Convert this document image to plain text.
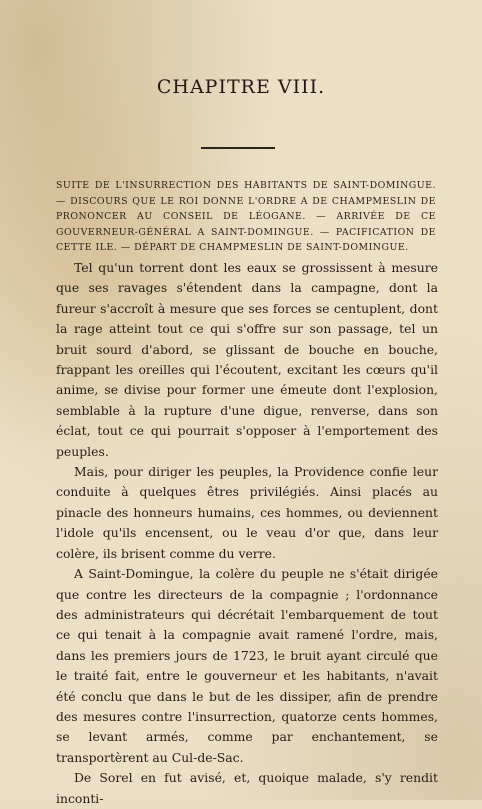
CHAPITRE VIII.
SUITE DE L'INSURRECTION DES HABITANTS DE SAINT-DOMINGUE. — DISCOURS QUE LE ROI DONNE L'ORDRE A DE CHAMPMESLIN DE PRONONCER AU CONSEIL DE LÉOGANE. — ARRIVÉE DE CE GOUVERNEUR-GÉNÉRAL A SAINT-DOMINGUE. — PACIFICATION DE CETTE ILE. — DÉPART DE CHAMPMESLIN DE SAINT-DOMINGUE.

Tel qu'un torrent dont les eaux se grossissent à mesure que ses ravages s'étendent dans la campagne, dont la fureur s'accroît à mesure que ses forces se centuplent, dont la rage atteint tout ce qui s'offre sur son passage, tel un bruit sourd d'abord, se glissant de bouche en bouche, frappant les oreilles qui l'écoutent, excitant les cœurs qu'il anime, se divise pour former une émeute dont l'explosion, semblable à la rupture d'une digue, renverse, dans son éclat, tout ce qui pourrait s'opposer à l'emportement des peuples.

Mais, pour diriger les peuples, la Providence confie leur conduite à quelques êtres privilégiés. Ainsi placés au pinacle des honneurs humains, ces hommes, ou deviennent l'idole qu'ils encensent, ou le veau d'or que, dans leur colère, ils brisent comme du verre.

A Saint-Domingue, la colère du peuple ne s'était dirigée que contre les directeurs de la compagnie ; l'ordonnance des administrateurs qui décrétait l'embarquement de tout ce qui tenait à la compagnie avait ramené l'ordre, mais, dans les premiers jours de 1723, le bruit ayant circulé que le traité fait, entre le gouverneur et les habitants, n'avait été conclu que dans le but de les dissiper, afin de prendre des mesures contre l'insurrection, quatorze cents hommes, se levant armés, comme par enchantement, se transportèrent au Cul-de-Sac.

De Sorel en fut avisé, et, quoique malade, s'y rendit inconti-
